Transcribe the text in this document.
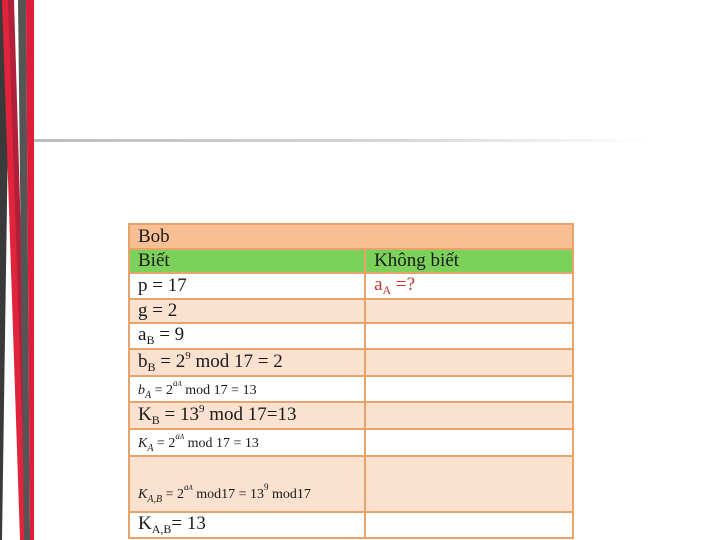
Bob	
Biết	Không biết
p = 17	$a_A$ =?
g = 2	
$a_B = 9$	
$b_B = 2^9$ mod 17 = 2	
$b_A = 2^{aA}$ mod 17 = 13	
$K_B = 13^9$ mod 17=13	
$K_A = 2^{aA}$ mod 17 = 13	
$K_{A,B} = 2^{aA}$ $mod17 = 13^9$ mod17	
$K_{A,B}= 13$	
